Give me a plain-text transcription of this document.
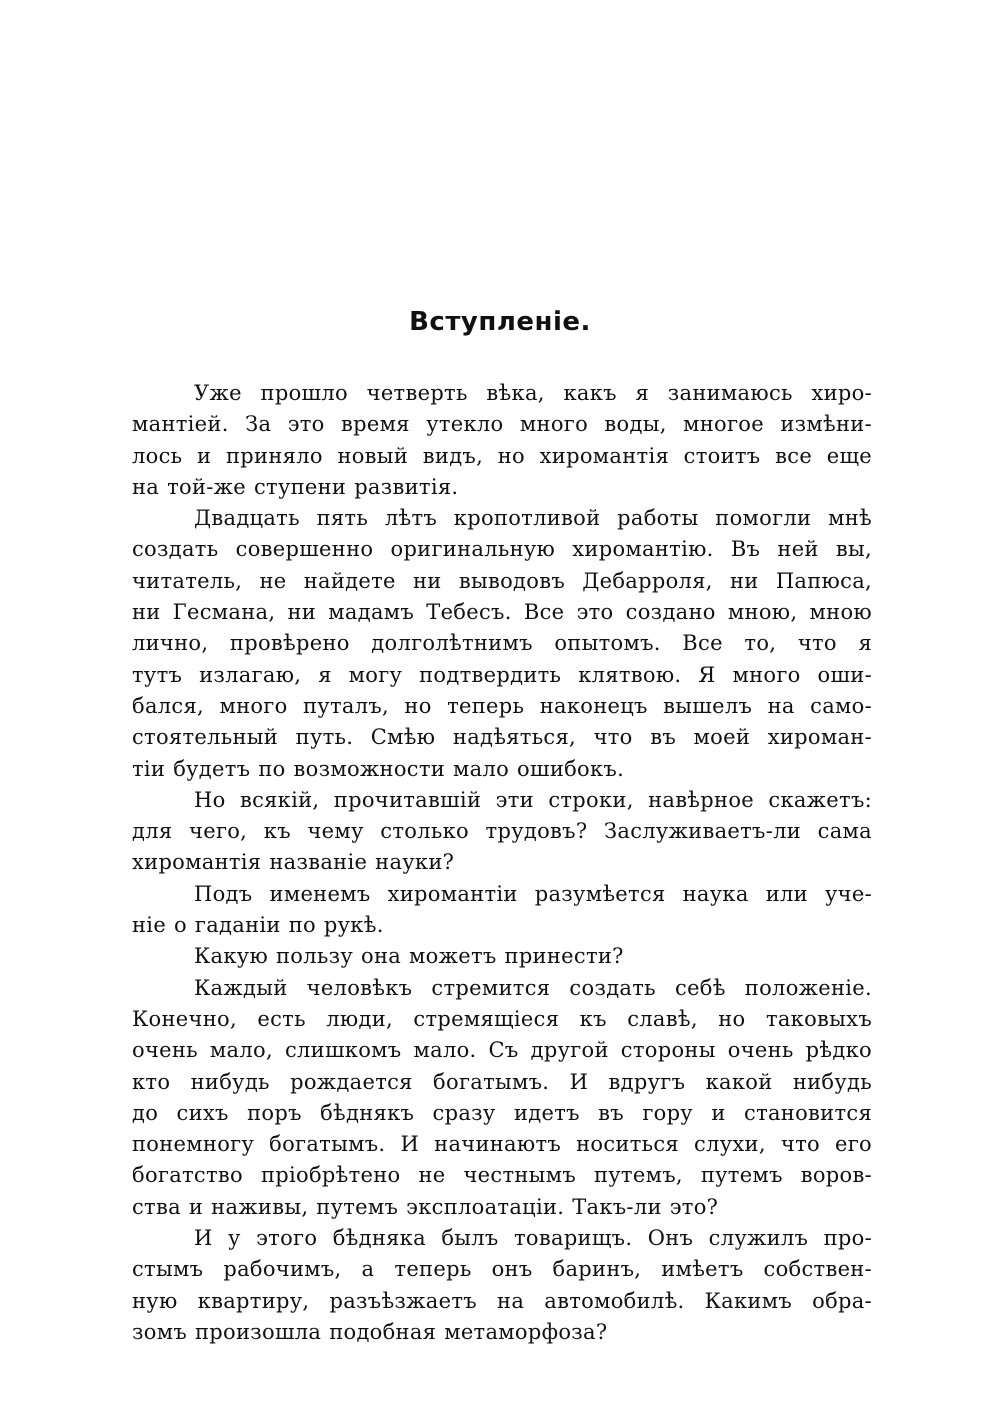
Вступленіе.
Уже прошло четверть вѣка, какъ я занимаюсь хиро-
мантіей. За это время утекло много воды, многое измѣни-
лось и приняло новый видъ, но хиромантія стоитъ все еще
на той-же ступени развитія.
Двадцать пять лѣтъ кропотливой работы помогли мнѣ
создать совершенно оригинальную хиромантію. Въ ней вы,
читатель, не найдете ни выводовъ Дебарроля, ни Папюса,
ни Гесмана, ни мадамъ Тебесъ. Все это создано мною, мною
лично, провѣрено долголѣтнимъ опытомъ. Все то, что я
тутъ излагаю, я могу подтвердить клятвою. Я много оши-
бался, много путалъ, но теперь наконецъ вышелъ на само-
стоятельный путь. Смѣю надѣяться, что въ моей хироман-
тіи будетъ по возможности мало ошибокъ.
Но всякій, прочитавшій эти строки, навѣрное скажетъ:
для чего, къ чему столько трудовъ? Заслуживаетъ-ли сама
хиромантія названіе науки?
Подъ именемъ хиромантіи разумѣется наука или уче-
ніе о гаданіи по рукѣ.
Какую пользу она можетъ принести?
Каждый человѣкъ стремится создать себѣ положеніе.
Конечно, есть люди, стремящіеся къ славѣ, но таковыхъ
очень мало, слишкомъ мало. Съ другой стороны очень рѣдко
кто нибудь рождается богатымъ. И вдругъ какой нибудь
до сихъ поръ бѣднякъ сразу идетъ въ гору и становится
понемногу богатымъ. И начинаютъ носиться слухи, что его
богатство пріобрѣтено не честнымъ путемъ, путемъ воров-
ства и наживы, путемъ эксплоатаціи. Такъ-ли это?
И у этого бѣдняка былъ товарищъ. Онъ служилъ про-
стымъ рабочимъ, а теперь онъ баринъ, имѣетъ собствен-
ную квартиру, разъѣзжаетъ на автомобилѣ. Какимъ обра-
зомъ произошла подобная метаморфоза?
